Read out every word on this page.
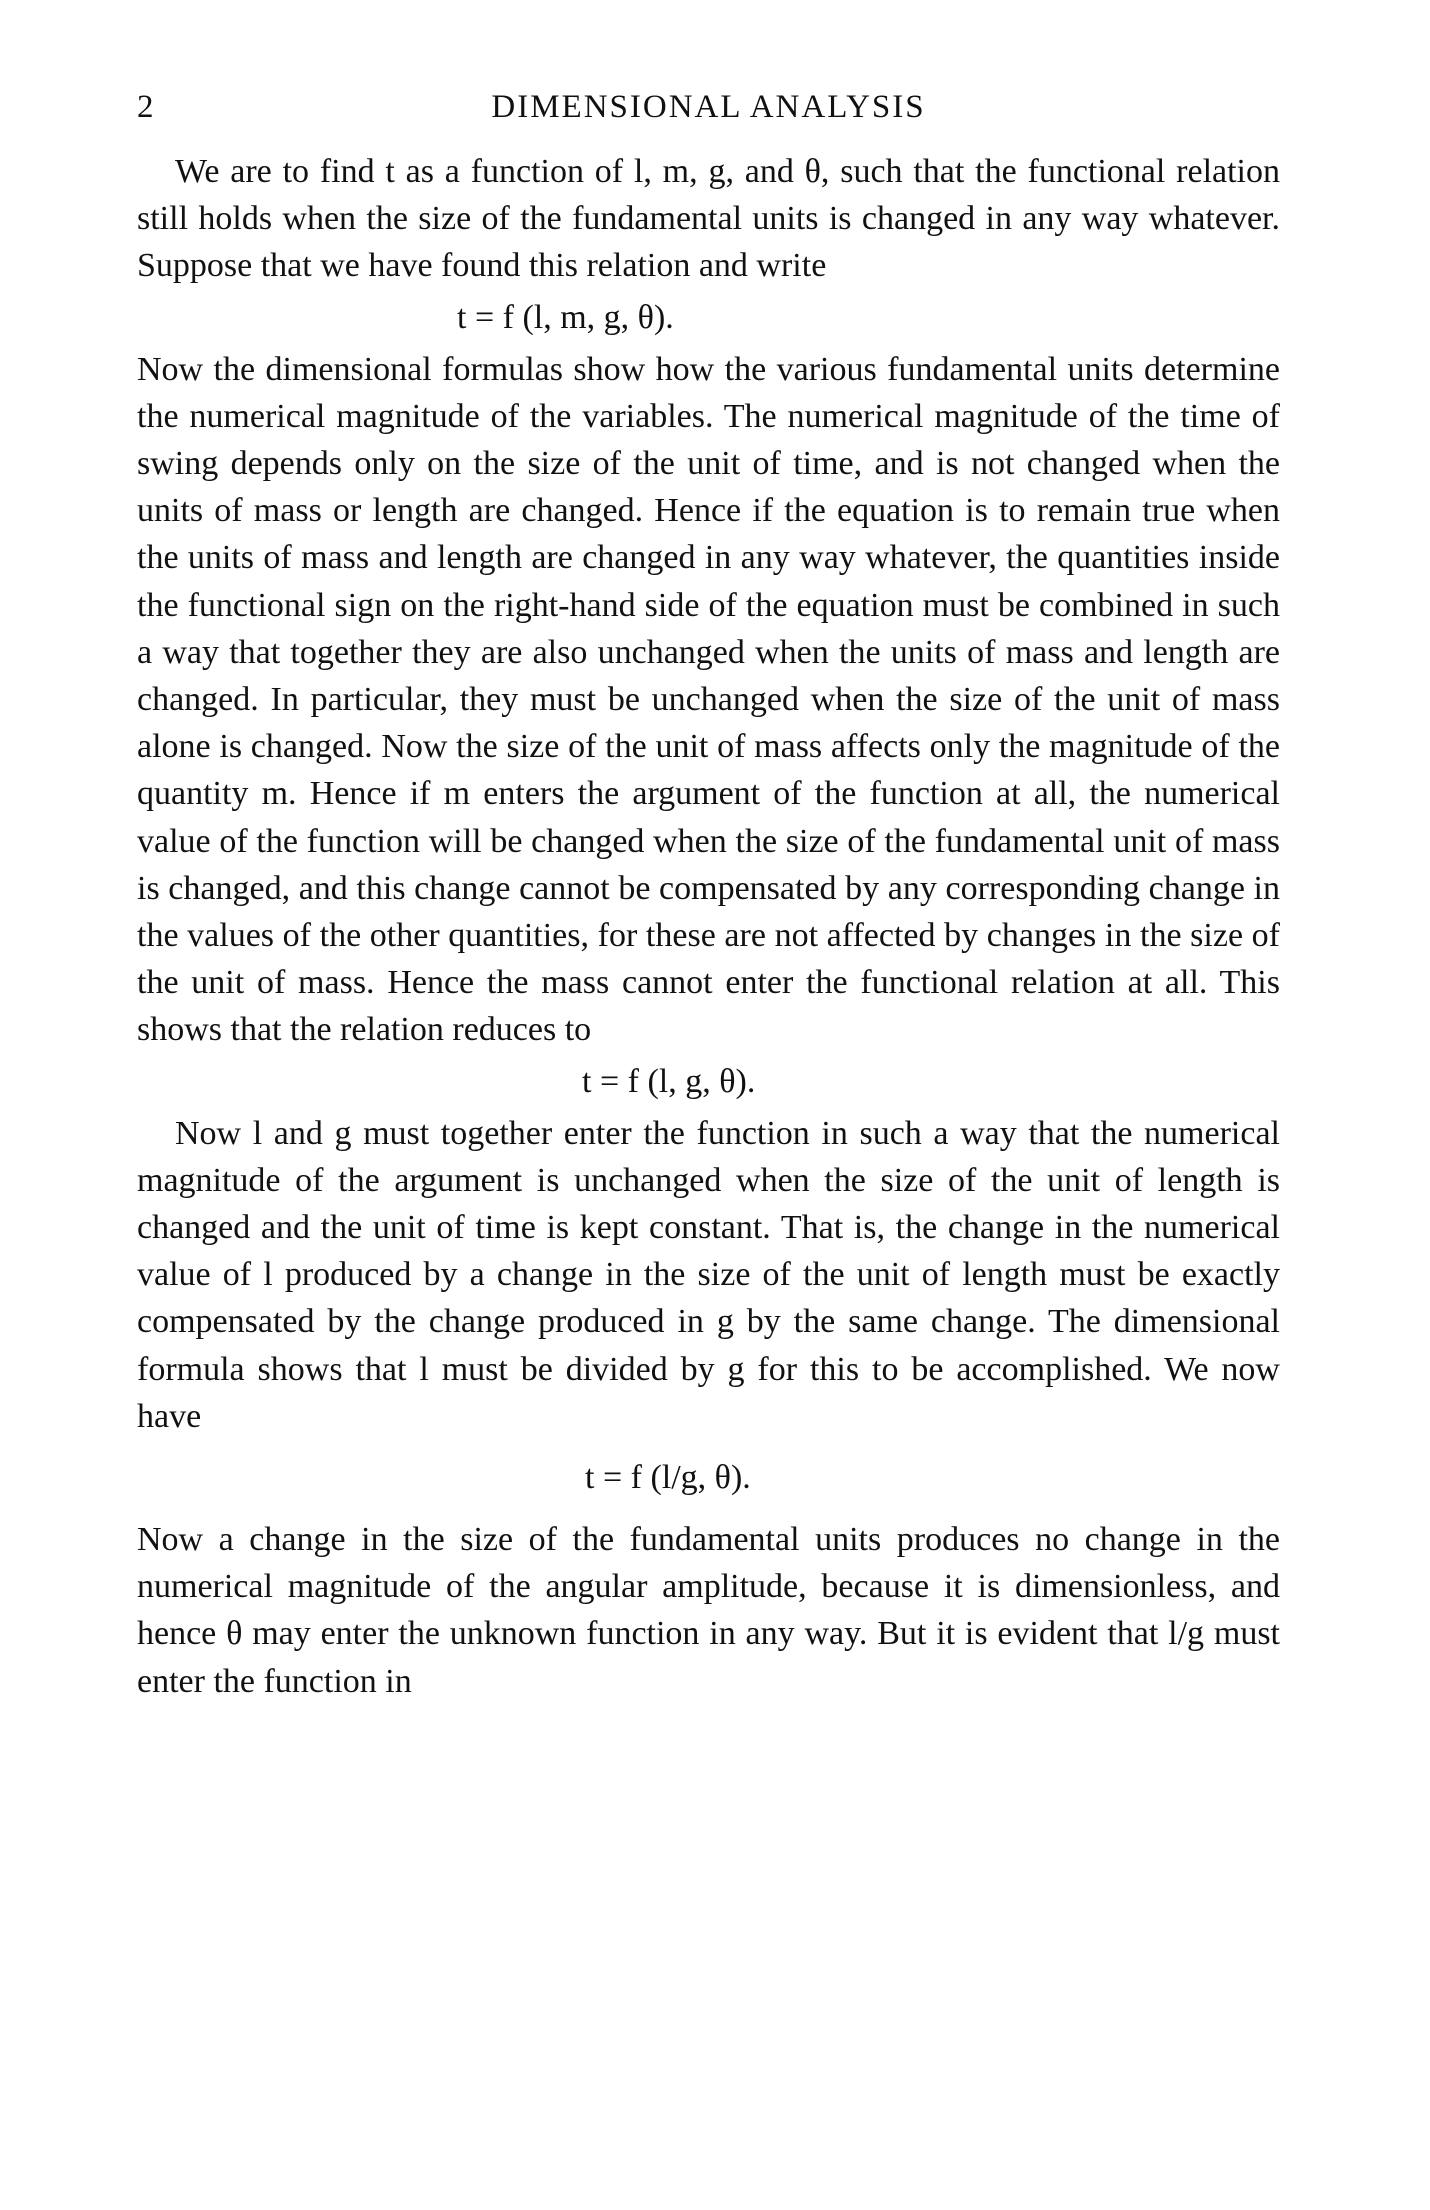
2	DIMENSIONAL ANALYSIS

We are to find t as a function of l, m, g, and θ, such that the functional relation still holds when the size of the fundamental units is changed in any way whatever. Suppose that we have found this relation and write

t = f (l, m, g, θ).

Now the dimensional formulas show how the various fundamental units determine the numerical magnitude of the variables. The numerical magnitude of the time of swing depends only on the size of the unit of time, and is not changed when the units of mass or length are changed. Hence if the equation is to remain true when the units of mass and length are changed in any way whatever, the quantities inside the functional sign on the right-hand side of the equation must be combined in such a way that together they are also unchanged when the units of mass and length are changed. In particular, they must be unchanged when the size of the unit of mass alone is changed. Now the size of the unit of mass affects only the magnitude of the quantity m. Hence if m enters the argument of the function at all, the numerical value of the function will be changed when the size of the fundamental unit of mass is changed, and this change cannot be compensated by any corresponding change in the values of the other quantities, for these are not affected by changes in the size of the unit of mass. Hence the mass cannot enter the functional relation at all. This shows that the relation reduces to

t = f (l, g, θ).

Now l and g must together enter the function in such a way that the numerical magnitude of the argument is unchanged when the size of the unit of length is changed and the unit of time is kept constant. That is, the change in the numerical value of l produced by a change in the size of the unit of length must be exactly compensated by the change produced in g by the same change. The dimensional formula shows that l must be divided by g for this to be accomplished. We now have

t = f (l/g, θ).

Now a change in the size of the fundamental units produces no change in the numerical magnitude of the angular amplitude, because it is dimensionless, and hence θ may enter the unknown function in any way. But it is evident that l/g must enter the function in
